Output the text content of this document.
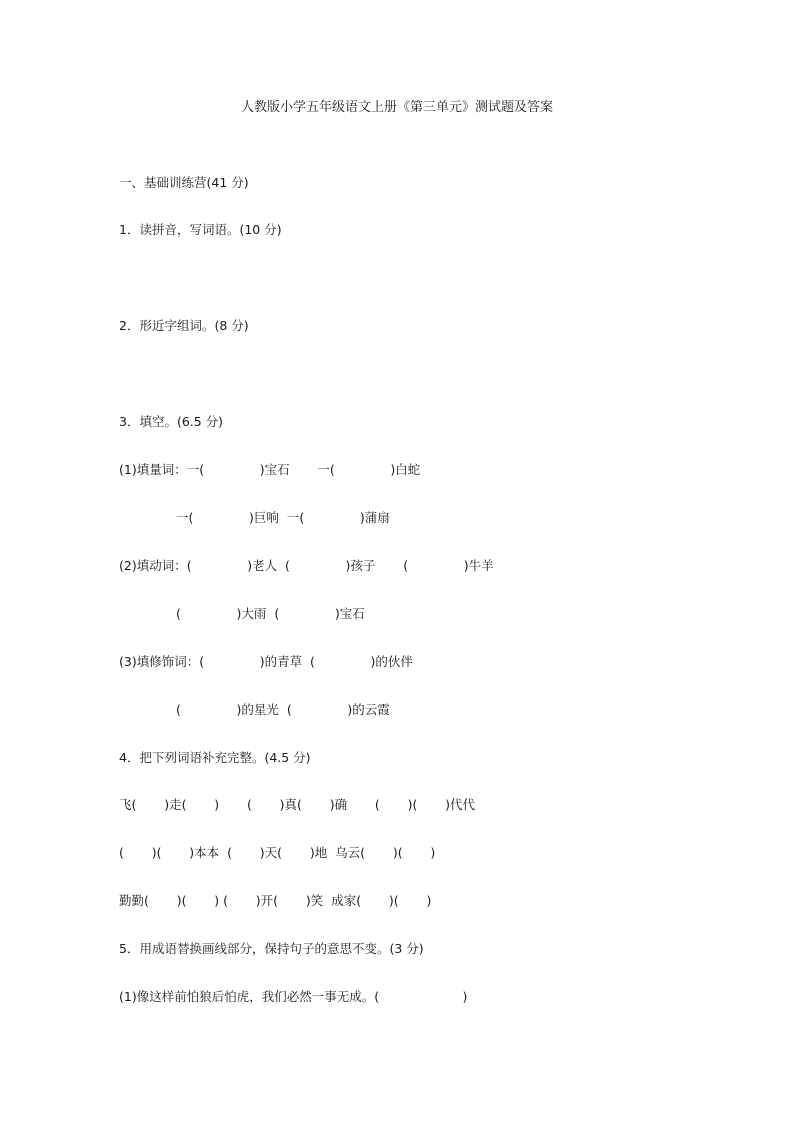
人教版小学五年级语文上册《第三单元》测试题及答案
一、基础训练营(41 分)
1．读拼音，写词语。(10 分)
2．形近字组词。(8 分)
3．填空。(6.5 分)
(1)填量词：一(              )宝石       一(              )白蛇
一(              )巨响  一(              )蒲扇
(2)填动词：(              )老人  (              )孩子       (              )牛羊
(              )大雨  (              )宝石
(3)填修饰词：(              )的青草  (              )的伙伴
(              )的星光  (              )的云霞
4．把下列词语补充完整。(4.5 分)
飞(       )走(       )       (       )真(       )确       (       )(       )代代
(       )(       )本本  (       )天(       )地  乌云(       )(       )
勤勤(       )(       ) (       )开(       )笑  成家(       )(       )
5．用成语替换画线部分，保持句子的意思不变。(3 分)
(1)像这样前怕狼后怕虎，我们必然一事无成。(                     )
